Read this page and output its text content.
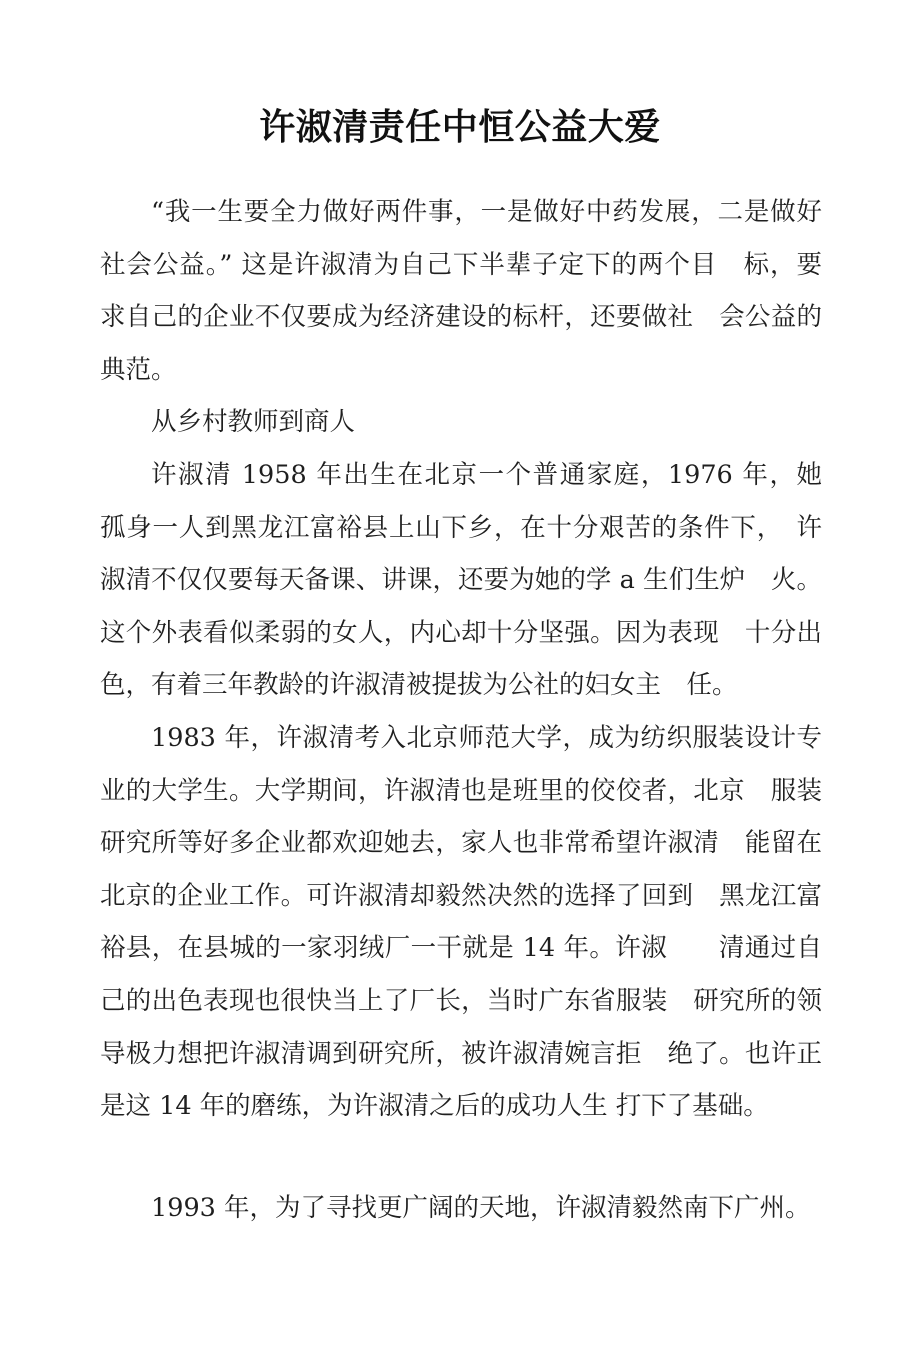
许淑清责任中恒公益大爱

“我一生要全力做好两件事，一是做好中药发展，二是做好社会公益。” 这是许淑清为自己下半辈子定下的两个目　标，要求自己的企业不仅要成为经济建设的标杆，还要做社　会公益的典范。

从乡村教师到商人

许淑清 1958 年出生在北京一个普通家庭，1976 年，她　孤身一人到黑龙江富裕县上山下乡，在十分艰苦的条件下，　许淑清不仅仅要每天备课、讲课，还要为她的学 a 生们生炉　火。这个外表看似柔弱的女人，内心却十分坚强。因为表现　十分出色，有着三年教龄的许淑清被提拔为公社的妇女主　任。

1983 年，许淑清考入北京师范大学，成为纺织服装设计专业的大学生。大学期间，许淑清也是班里的佼佼者，北京　服装研究所等好多企业都欢迎她去，家人也非常希望许淑清　能留在北京的企业工作。可许淑清却毅然决然的选择了回到　黑龙江富裕县，在县城的一家羽绒厂一干就是 14 年。许淑　　清通过自己的出色表现也很快当上了厂长，当时广东省服装　研究所的领导极力想把许淑清调到研究所，被许淑清婉言拒　绝了。也许正是这 14 年的磨练，为许淑清之后的成功人生 打下了基础。

1993 年，为了寻找更广阔的天地，许淑清毅然南下广州。
